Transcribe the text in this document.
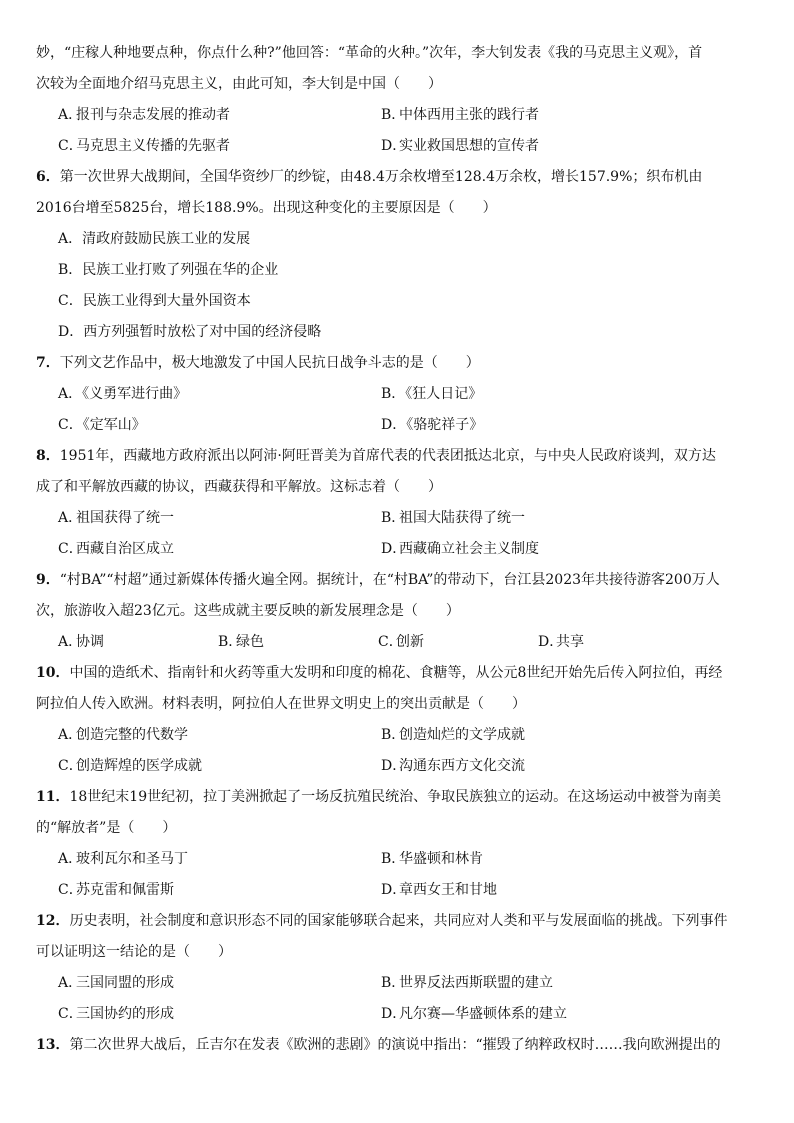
妙，“庄稼人种地要点种，你点什么种?”他回答：“革命的火种。”次年，李大钊发表《我的马克思主义观》，首
次较为全面地介绍马克思主义，由此可知，李大钊是中国（　　）
A．报刊与杂志发展的推动者	B．中体西用主张的践行者
C．马克思主义传播的先驱者	D．实业救国思想的宣传者
6．第一次世界大战期间，全国华资纱厂的纱锭，由48.4万余枚增至128.4万余枚，增长157.9%；织布机由
2016台增至5825台，增长188.9%。出现这种变化的主要原因是（　　）
A．清政府鼓励民族工业的发展
B．民族工业打败了列强在华的企业
C．民族工业得到大量外国资本
D．西方列强暂时放松了对中国的经济侵略
7．下列文艺作品中，极大地激发了中国人民抗日战争斗志的是（　　）
A．《义勇军进行曲》	B．《狂人日记》
C．《定军山》	D．《骆驼祥子》
8．1951年，西藏地方政府派出以阿沛·阿旺晋美为首席代表的代表团抵达北京，与中央人民政府谈判，双方达
成了和平解放西藏的协议，西藏获得和平解放。这标志着（　　）
A．祖国获得了统一	B．祖国大陆获得了统一
C．西藏自治区成立	D．西藏确立社会主义制度
9．“村BA”“村超”通过新媒体传播火遍全网。据统计，在“村BA”的带动下，台江县2023年共接待游客200万人
次，旅游收入超23亿元。这些成就主要反映的新发展理念是（　　）
A．协调	B．绿色	C．创新	D．共享
10．中国的造纸术、指南针和火药等重大发明和印度的棉花、食糖等，从公元8世纪开始先后传入阿拉伯，再经
阿拉伯人传入欧洲。材料表明，阿拉伯人在世界文明史上的突出贡献是（　　）
A．创造完整的代数学	B．创造灿烂的文学成就
C．创造辉煌的医学成就	D．沟通东西方文化交流
11．18世纪末19世纪初，拉丁美洲掀起了一场反抗殖民统治、争取民族独立的运动。在这场运动中被誉为南美
的“解放者”是（　　）
A．玻利瓦尔和圣马丁	B．华盛顿和林肯
C．苏克雷和佩雷斯	D．章西女王和甘地
12．历史表明，社会制度和意识形态不同的国家能够联合起来，共同应对人类和平与发展面临的挑战。下列事件
可以证明这一结论的是（　　）
A．三国同盟的形成	B．世界反法西斯联盟的建立
C．三国协约的形成	D．凡尔赛—华盛顿体系的建立
13．第二次世界大战后，丘吉尔在发表《欧洲的悲剧》的演说中指出：“摧毁了纳粹政权时……我向欧洲提出的
